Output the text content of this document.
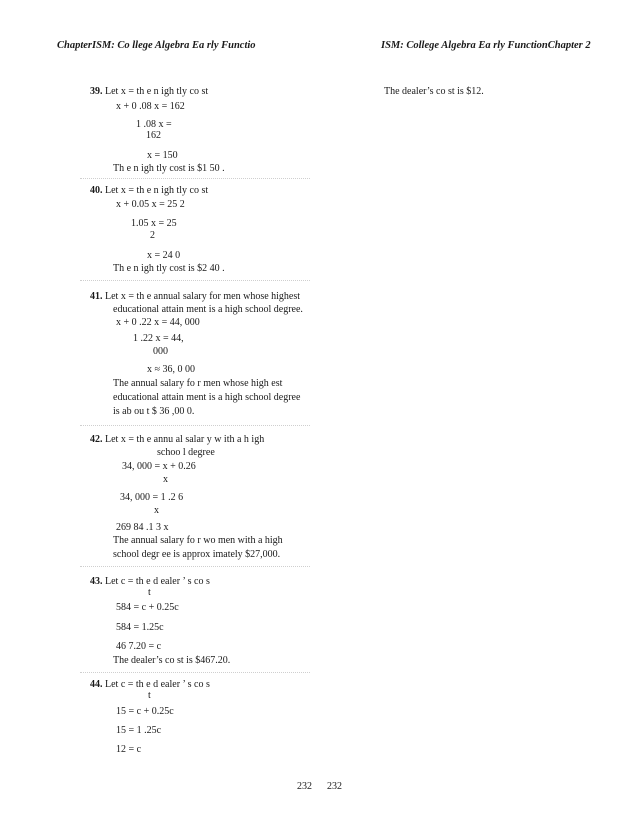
ChapterISM: Co llege Algebra Ea rly Functio	ISM: College Algebra Ea rly FunctionChapter 2
39. Let x = th e n igh tly co st
x + 0 .08 x = 162
1 .08 x =
162
x = 150
Th e n igh tly cost is $1 50 .
40. Let x = th e n igh tly co st
x + 0.05 x = 25 2
1.05 x = 25
2
x = 24 0
Th e n igh tly cost is $2 40 .
41. Let x = th e annual salary for men whose highest
educational attain ment is a high school degree.
x + 0 .22 x = 44, 000
1 .22 x = 44,
000
x ≈ 36, 0 00
The annual salary fo r men whose high est
educational attain ment is a high school degree
is ab ou t $ 36 ,00 0.
42. Let x = th e annu al salar y w ith a h igh
schoo l degree
34, 000 = x + 0.26
x
34, 000 = 1 .2 6
x
269 84 .1 3 x
The annual salary fo r wo men with a high
school degr ee is approx imately $27,000.
43. Let c = th e d ealer ’ s co s
t
584 = c + 0.25c
584 = 1.25c
46 7.20 = c
The dealer’s co st is $467.20.
44. Let c = th e d ealer ’ s co s
t
15 = c + 0.25c
15 = 1 .25c
12 = c
The dealer’s co st is $12.
232 232
